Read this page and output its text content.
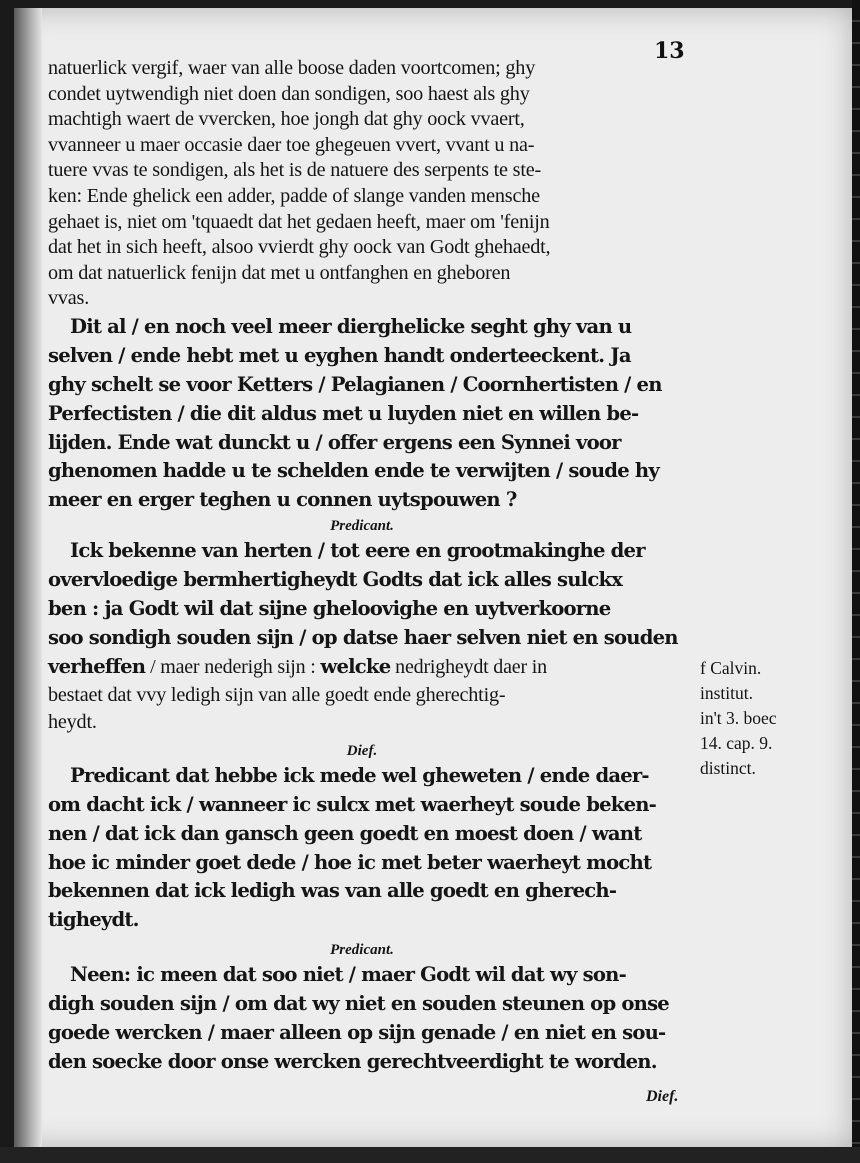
13

natuerlick vergif, waer van alle boose daden voortcomen; ghy
condet uytwendigh niet doen dan sondigen, soo haest als ghy
machtigh waert de vvercken, hoe jongh dat ghy oock vvaert,
vvanneer u maer occasie daer toe ghegeuen vvert, vvant u na-
tuere vvas te sondigen, als het is de natuere des serpents te ste-
ken: Ende ghelick een adder, padde of slange vanden mensche
gehaet is, niet om 'tquaedt dat het gedaen heeft, maer om 'fenijn
dat het in sich heeft, alsoo vvierdt ghy oock van Godt ghehaedt,
om dat natuerlick fenijn dat met u ontfanghen en gheboren
vvas.

Dit al / en noch veel meer dierghelicke seght ghy van u
selven / ende hebt met u eyghen handt onderteeckent. Ja
ghy schelt se voor Ketters / Pelagianen / Coornhertisten / en
Perfectisten / die dit aldus met u luyden niet en willen be-
lijden. Ende wat dunckt u / offer ergens een Synnei voor
ghenomen hadde u te schelden ende te verwijten / soude hy
meer en erger teghen u connen uytspouwen ?

Predicant.

Ick bekenne van herten / tot eere en grootmakinghe der
overvloedige bermhertigheydt Godts dat ick alles sulckx
ben : ja Godt wil dat sijne gheloovighe en uytverkoorne
soo sondigh souden sijn / op datse haer selven niet en souden
verheffen / maer nederigh sijn : welcke nedrigheydt daer in

bestaet dat vvy ledigh sijn van alle goedt ende gherechtig-
heydt.

Dief.

Predicant dat hebbe ick mede wel gheweten / ende daer-
om dacht ick / wanneer ic sulcx met waerheyt soude beken-
nen / dat ick dan gansch geen goedt en moest doen / want
hoe ic minder goet dede / hoe ic met beter waerheyt mocht
bekennen dat ick ledigh was van alle goedt en gherech-
tigheydt.

Predicant.

Neen: ic meen dat soo niet / maer Godt wil dat wy son-
digh souden sijn / om dat wy niet en souden steunen op onse
goede wercken / maer alleen op sijn genade / en niet en sou-
den soecke door onse wercken gerechtveerdight te worden.

f Calvin.
institut.
in't 3. boec
14. cap. 9.
distinct.
Dief.
